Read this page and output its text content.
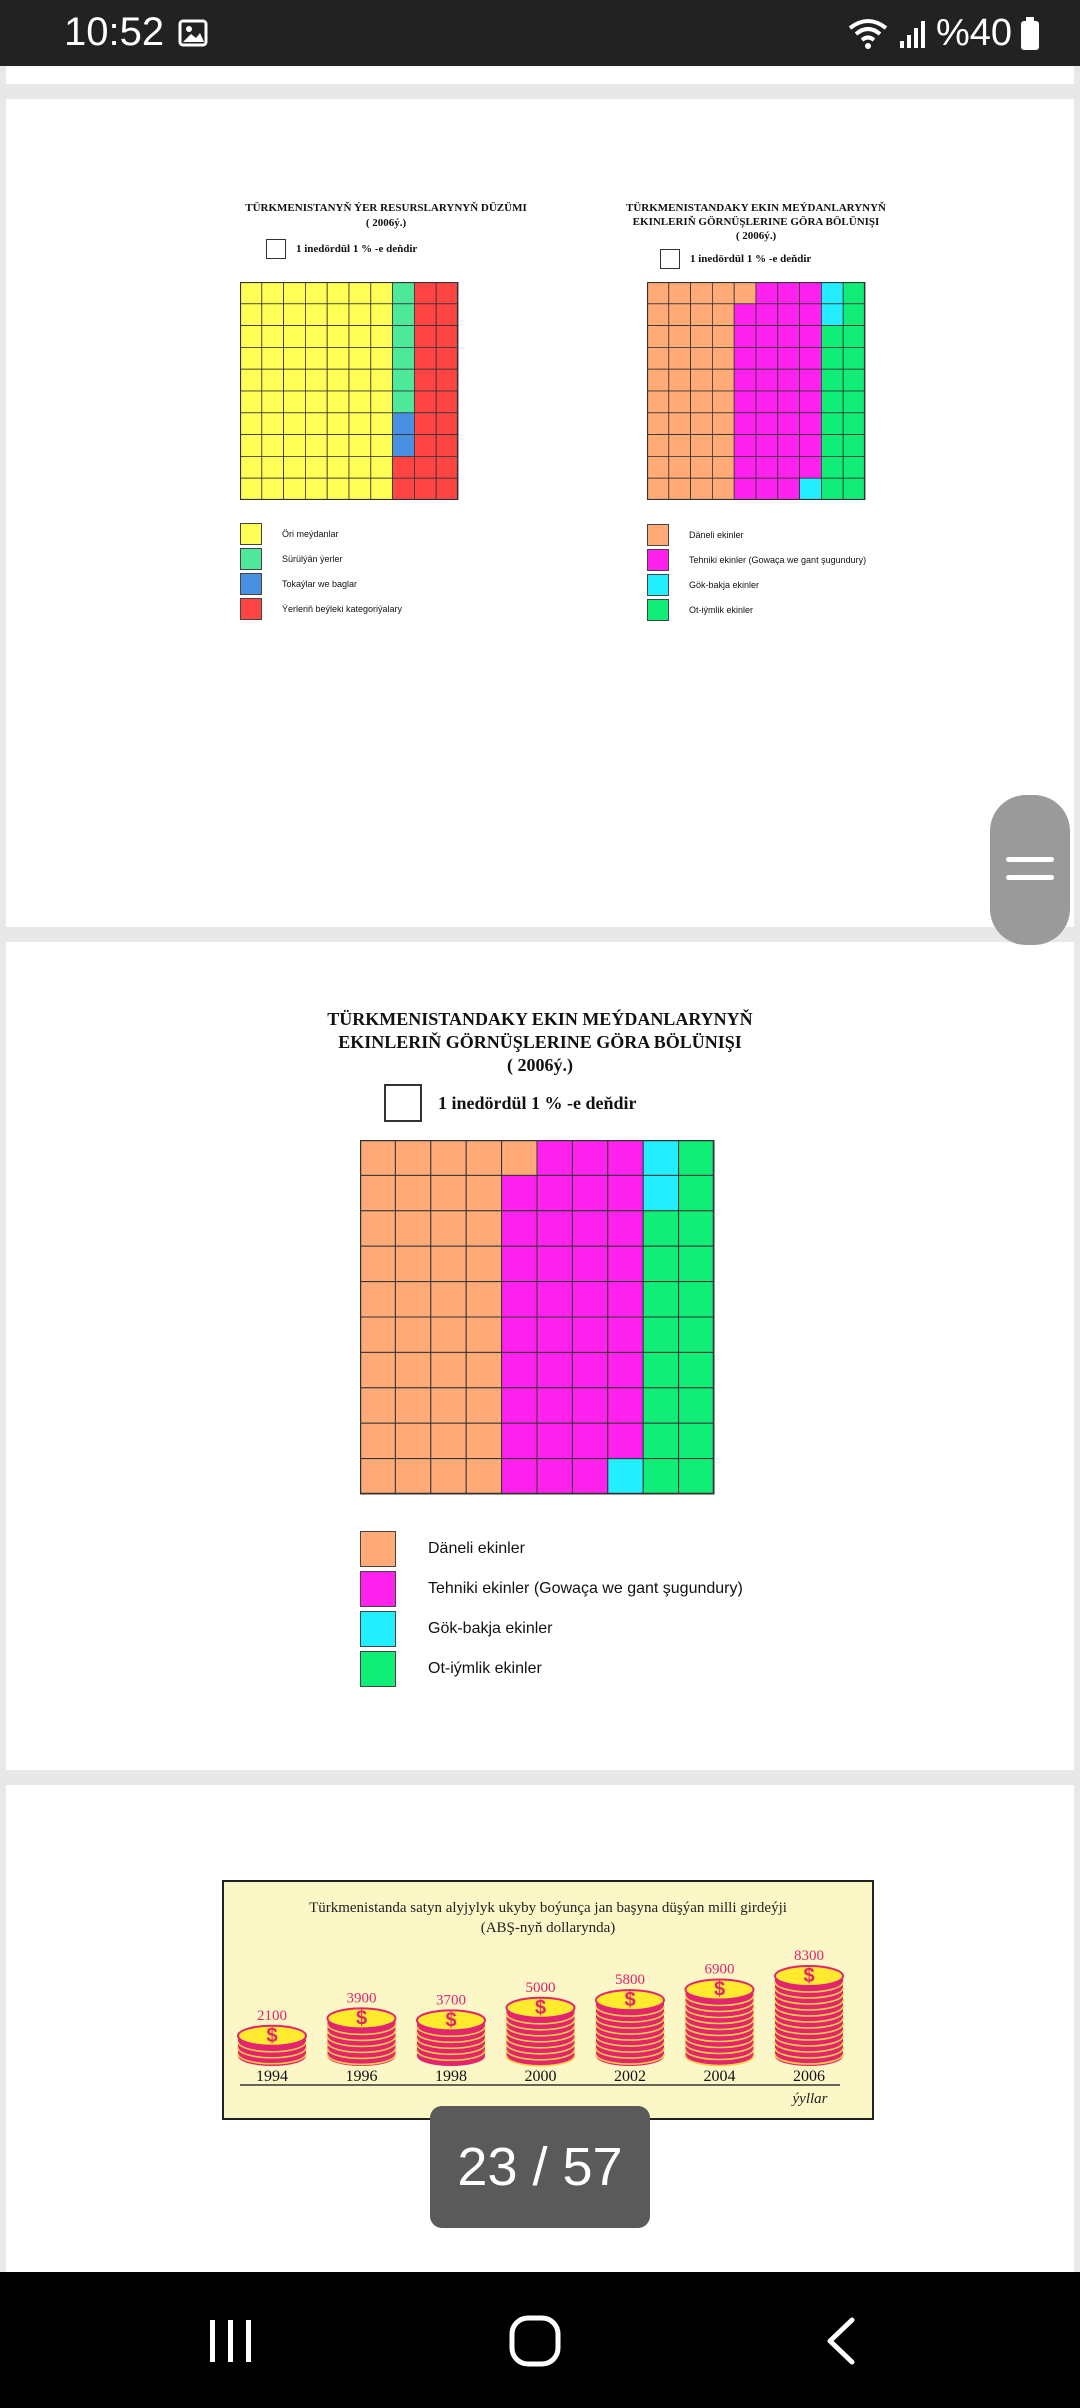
10:52	%40
TÜRKMENISTANYŇ ÝER RESURSLARYNYŇ DÜZÜMI
( 2006ý.)
1 inedördül 1 % -e deňdir
Öri meýdanlar
Sürülýän ýerler
Tokaýlar we baglar
Ýerleriň beýleki kategoriýalary
TÜRKMENISTANDAKY EKIN MEÝDANLARYNYŇ
EKINLERIŇ GÖRNÜŞLERINE GÖRA BÖLÜNIŞI
( 2006ý.)
1 inedördül 1 % -e deňdir
Däneli ekinler
Tehniki ekinler (Gowaça we gant şugundury)
Gök-bakja ekinler
Ot-iýmlik ekinler
TÜRKMENISTANDAKY EKIN MEÝDANLARYNYŇ
EKINLERIŇ GÖRNÜŞLERINE GÖRA BÖLÜNIŞI
( 2006ý.)
1 inedördül 1 % -e deňdir
Däneli ekinler
Tehniki ekinler (Gowaça we gant şugundury)
Gök-bakja ekinler
Ot-iýmlik ekinler
Türkmenistanda satyn alyjylyk ukyby boýunça jan başyna düşýan milli girdeýji
(ABŞ-nyň dollarynda)
ýyllar
$
2100
1994
$
3900
1996
$
3700
1998
$
5000
2000
$
5800
2002
$
6900
2004
$
8300
2006
23 / 57
